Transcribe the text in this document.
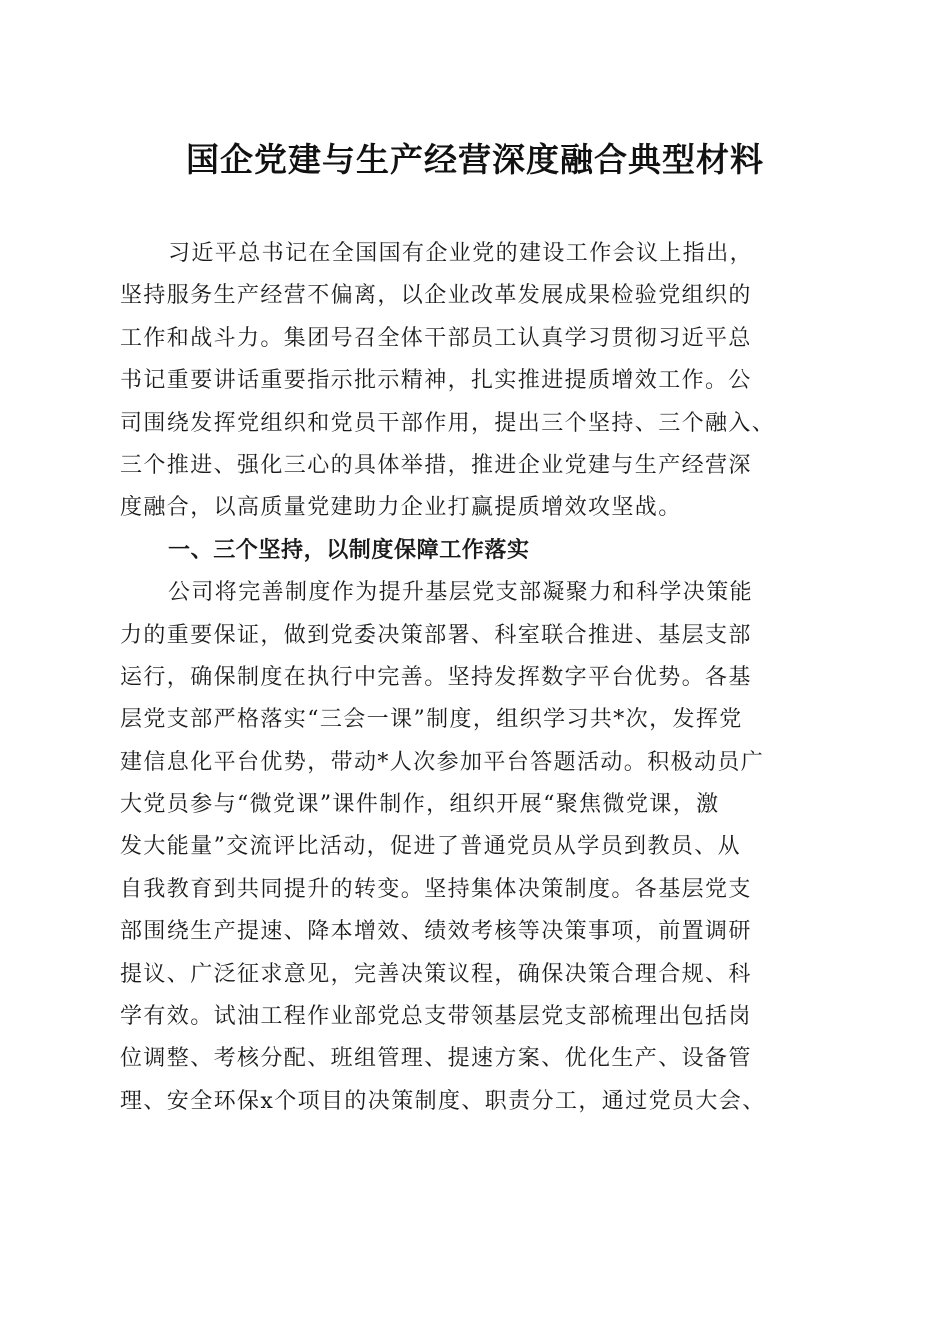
国企党建与生产经营深度融合典型材料
习近平总书记在全国国有企业党的建设工作会议上指出，
坚持服务生产经营不偏离，以企业改革发展成果检验党组织的
工作和战斗力。集团号召全体干部员工认真学习贯彻习近平总
书记重要讲话重要指示批示精神，扎实推进提质增效工作。公
司围绕发挥党组织和党员干部作用，提出三个坚持、三个融入、
三个推进、强化三心的具体举措，推进企业党建与生产经营深
度融合，以高质量党建助力企业打赢提质增效攻坚战。
一、三个坚持，以制度保障工作落实
公司将完善制度作为提升基层党支部凝聚力和科学决策能
力的重要保证，做到党委决策部署、科室联合推进、基层支部
运行，确保制度在执行中完善。坚持发挥数字平台优势。各基
层党支部严格落实“三会一课”制度，组织学习共*次，发挥党
建信息化平台优势，带动*人次参加平台答题活动。积极动员广
大党员参与“微党课”课件制作，组织开展“聚焦微党课，激
发大能量”交流评比活动，促进了普通党员从学员到教员、从
自我教育到共同提升的转变。坚持集体决策制度。各基层党支
部围绕生产提速、降本增效、绩效考核等决策事项，前置调研
提议、广泛征求意见，完善决策议程，确保决策合理合规、科
学有效。试油工程作业部党总支带领基层党支部梳理出包括岗
位调整、考核分配、班组管理、提速方案、优化生产、设备管
理、安全环保x个项目的决策制度、职责分工，通过党员大会、
